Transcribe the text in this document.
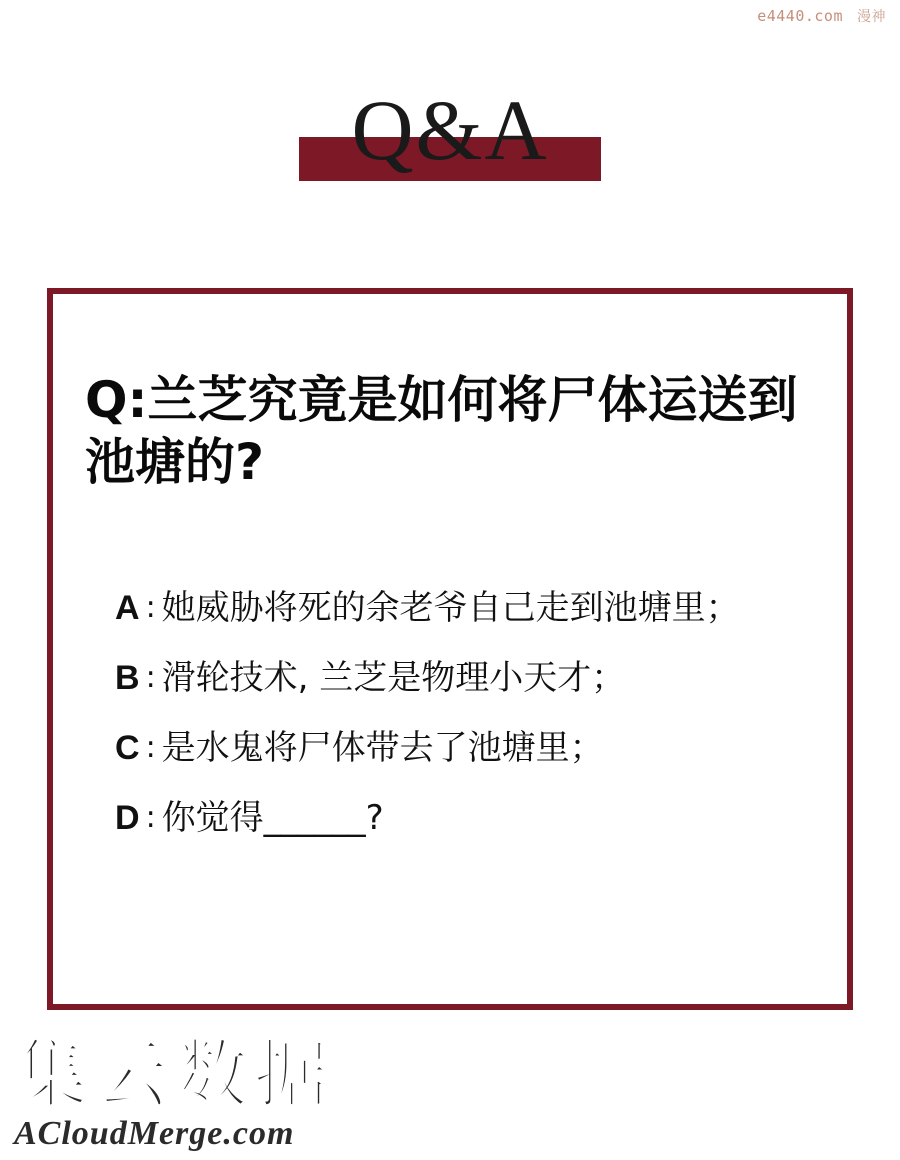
e4440.com 漫神
Q&A
Q:兰芝究竟是如何将尸体运送到池塘的?
A : 她威胁将死的余老爷自己走到池塘里；
B : 滑轮技术, 兰芝是物理小天才；
C : 是水鬼将尸体带去了池塘里；
D : 你觉得______?
集云数据
ACloudMerge.com
